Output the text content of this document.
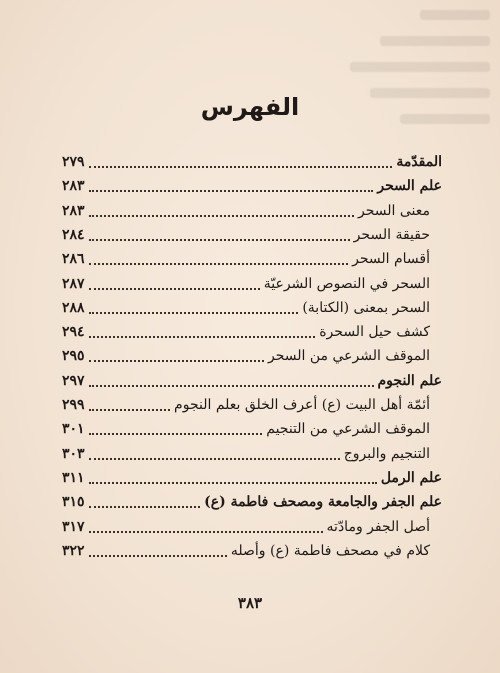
الفهرس
المقدّمة
٢٧٩
علم السحر
٢٨٣
معنى السحر
٢٨٣
حقيقة السحر
٢٨٤
أقسام السحر
٢٨٦
السحر في النصوص الشرعيّة
٢٨٧
السحر بمعنى (الكتابة)
٢٨٨
كشف حيل السحرة
٢٩٤
الموقف الشرعي من السحر
٢٩٥
علم النجوم
٢٩٧
أئمّة أهل البيت (ع) أعرف الخلق بعلم النجوم
٢٩٩
الموقف الشرعي من التنجيم
٣٠١
التنجيم والبروج
٣٠٣
علم الرمل
٣١١
علم الجفر والجامعة ومصحف فاطمة (ع)
٣١٥
أصل الجفر ومادّته
٣١٧
كلام في مصحف فاطمة (ع) وأصله
٣٢٢
٣٨٣
